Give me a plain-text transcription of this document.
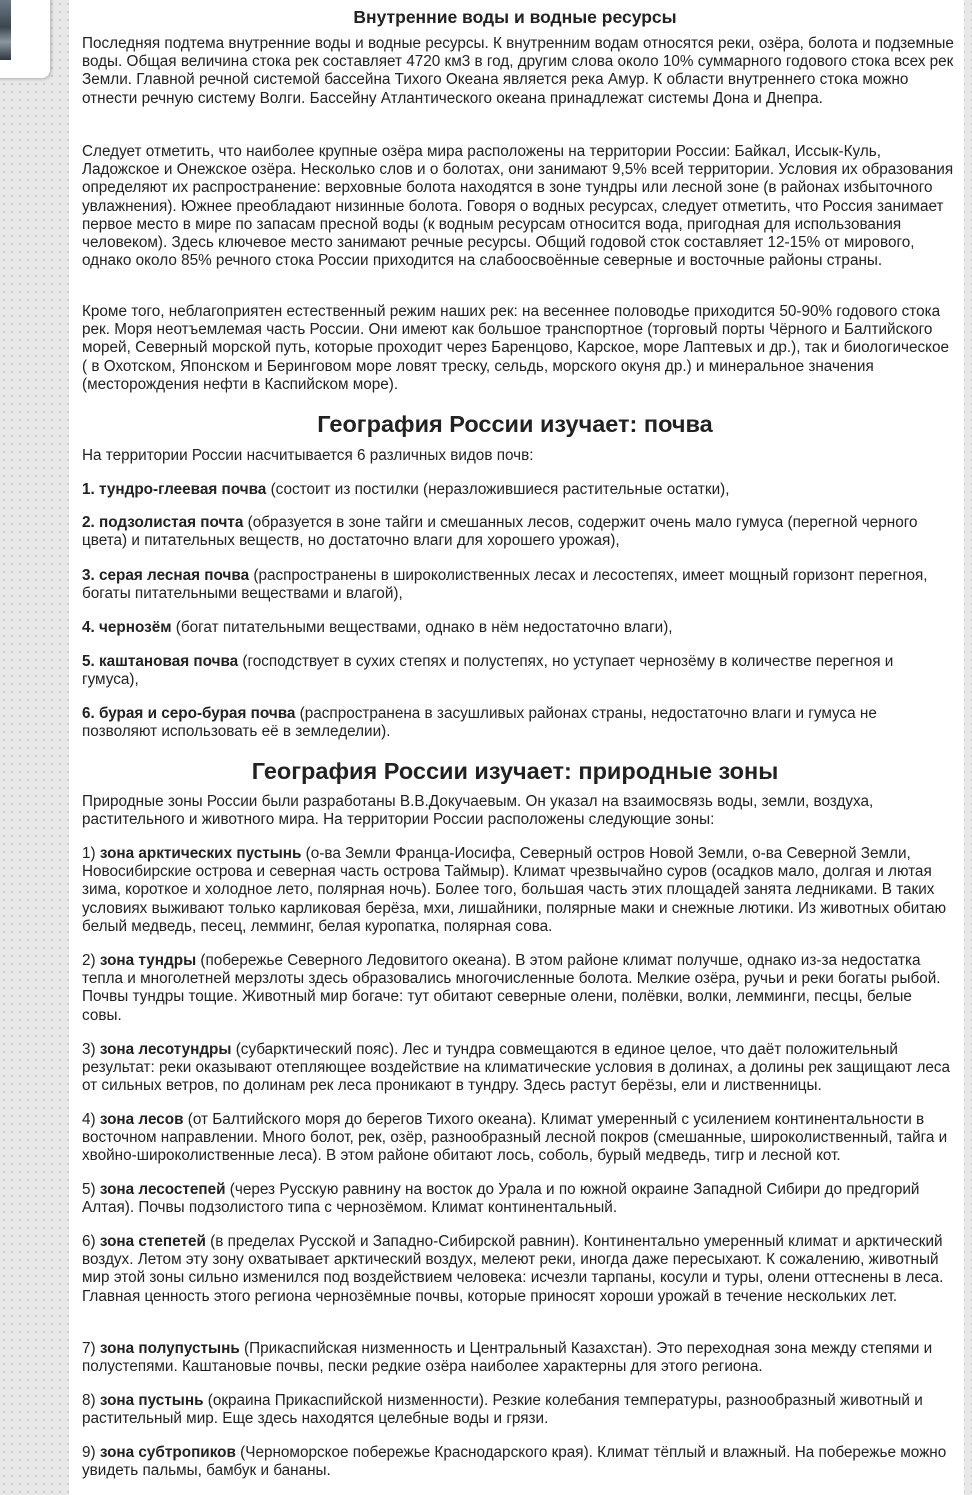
Внутренние воды и водные ресурсы

Последняя подтема внутренние воды и водные ресурсы. К внутренним водам относятся реки, озёра, болота и подземные воды. Общая величина стока рек составляет 4720 км3 в год, другим слова около 10% суммарного годового стока всех рек Земли. Главной речной системой бассейна Тихого Океана является река Амур. К области внутреннего стока можно отнести речную систему Волги. Бассейну Атлантического океана принадлежат системы Дона и Днепра.

Следует отметить, что наиболее крупные озёра мира расположены на территории России: Байкал, Иссык-Куль, Ладожское и Онежское озёра. Несколько слов и о болотах, они занимают 9,5% всей территории. Условия их образования определяют их распространение: верховные болота находятся в зоне тундры или лесной зоне (в районах избыточного увлажнения). Южнее преобладают низинные болота. Говоря о водных ресурсах, следует отметить, что Россия занимает первое место в мире по запасам пресной воды (к водным ресурсам относится вода, пригодная для использования человеком). Здесь ключевое место занимают речные ресурсы. Общий годовой сток составляет 12-15% от мирового, однако около 85% речного стока России приходится на слабоосвоённые северные и восточные районы страны.

Кроме того, неблагоприятен естественный режим наших рек: на весеннее половодье приходится 50-90% годового стока рек. Моря неотъемлемая часть России. Они имеют как большое транспортное (торговый порты Чёрного и Балтийского морей, Северный морской путь, которые проходит через Баренцово, Карское, море Лаптевых и др.), так и биологическое ( в Охотском, Японском и Беринговом море ловят треску, сельдь, морского окуня др.) и минеральное значения (месторождения нефти в Каспийском море).

География России изучает: почва

На территории России насчитывается 6 различных видов почв:

1. тундро-глеевая почва (состоит из постилки (неразложившиеся растительные остатки),

2. подзолистая почта (образуется в зоне тайги и смешанных лесов, содержит очень мало гумуса (перегной черного цвета) и питательных веществ, но достаточно влаги для хорошего урожая),

3. серая лесная почва (распространены в широколиственных лесах и лесостепях, имеет мощный горизонт перегноя, богаты питательными веществами и влагой),

4. чернозём (богат питательными веществами, однако в нём недостаточно влаги),

5. каштановая почва (господствует в сухих степях и полустепях, но уступает чернозёму в количестве перегноя и гумуса),

6. бурая и серо-бурая почва (распространена в засушливых районах страны, недостаточно влаги и гумуса не позволяют использовать её в земледелии).

География России изучает: природные зоны

Природные зоны России были разработаны В.В.Докучаевым. Он указал на взаимосвязь воды, земли, воздуха, растительного и животного мира. На территории России расположены следующие зоны:

1) зона арктических пустынь (о-ва Земли Франца-Иосифа, Северный остров Новой Земли, о-ва Северной Земли, Новосибирские острова и северная часть острова Таймыр). Климат чрезвычайно суров (осадков мало, долгая и лютая зима, короткое и холодное лето, полярная ночь). Более того, большая часть этих площадей занята ледниками. В таких условиях выживают только карликовая берёза, мхи, лишайники, полярные маки и снежные лютики. Из животных обитаю белый медведь, песец, лемминг, белая куропатка, полярная сова.

2) зона тундры (побережье Северного Ледовитого океана). В этом районе климат получше, однако из-за недостатка тепла и многолетней мерзлоты здесь образовались многочисленные болота. Мелкие озёра, ручьи и реки богаты рыбой. Почвы тундры тощие. Животный мир богаче: тут обитают северные олени, полёвки, волки, лемминги, песцы, белые совы.

3) зона лесотундры (субарктический пояс). Лес и тундра совмещаются в единое целое, что даёт положительный результат: реки оказывают отепляющее воздействие на климатические условия в долинах, а долины рек защищают леса от сильных ветров, по долинам рек леса проникают в тундру. Здесь растут берёзы, ели и лиственницы.

4) зона лесов (от Балтийского моря до берегов Тихого океана). Климат умеренный с усилением континентальности в восточном направлении. Много болот, рек, озёр, разнообразный лесной покров (смешанные, широколиственный, тайга и хвойно-широколиственные леса). В этом районе обитают лось, соболь, бурый медведь, тигр и лесной кот.

5) зона лесостепей (через Русскую равнину на восток до Урала и по южной окраине Западной Сибири до предгорий Алтая). Почвы подзолистого типа с чернозёмом. Климат континентальный.

6) зона степетей (в пределах Русской и Западно-Сибирской равнин). Континентально умеренный климат и арктический воздух. Летом эту зону охватывает арктический воздух, мелеют реки, иногда даже пересыхают. К сожалению, животный мир этой зоны сильно изменился под воздействием человека: исчезли тарпаны, косули и туры, олени оттеснены в леса. Главная ценность этого региона чернозёмные почвы, которые приносят хороши урожай в течение нескольких лет.

7) зона полупустынь (Прикаспийская низменность и Центральный Казахстан). Это переходная зона между степями и полустепями. Каштановые почвы, пески редкие озёра наиболее характерны для этого региона.

8) зона пустынь (окраина Прикаспийской низменности). Резкие колебания температуры, разнообразный животный и растительный мир. Еще здесь находятся целебные воды и грязи.

9) зона субтропиков (Черноморское побережье Краснодарского края). Климат тёплый и влажный. На побережье можно увидеть пальмы, бамбук и бананы.
